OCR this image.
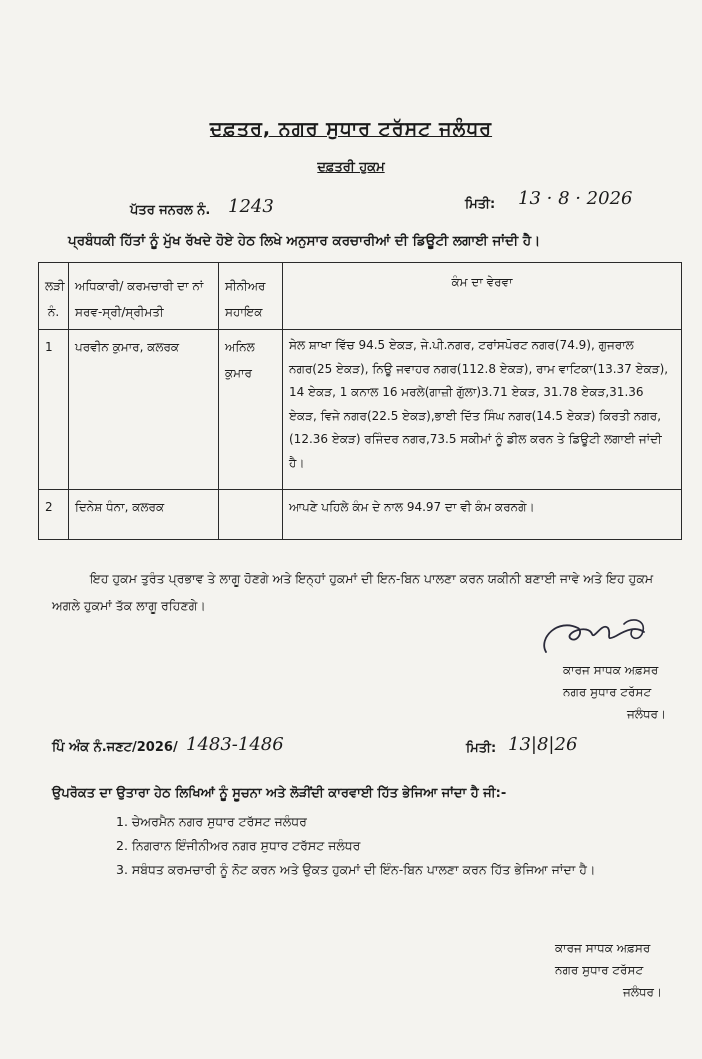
ਦਫ਼ਤਰ, ਨਗਰ ਸੁਧਾਰ ਟਰੱਸਟ ਜਲੰਧਰ
ਦਫ਼ਤਰੀ ਹੁਕਮ
ਪੱਤਰ ਜਨਰਲ ਨੰ. 1243	ਮਿਤੀ: 13 · 8 · 2026
ਪ੍ਰਬੰਧਕੀ ਹਿੱਤਾਂ ਨੂੰ ਮੁੱਖ ਰੱਖਦੇ ਹੋਏ ਹੇਠ ਲਿਖੇ ਅਨੁਸਾਰ ਕਰਚਾਰੀਆਂ ਦੀ ਡਿਊਟੀ ਲਗਾਈ ਜਾਂਦੀ ਹੈ।
ਲੜੀ ਨੰ.	ਅਧਿਕਾਰੀ/ ਕਰਮਚਾਰੀ ਦਾ ਨਾਂ ਸਰਵ-ਸ੍ਰੀ/ਸ੍ਰੀਮਤੀ	ਸੀਨੀਅਰ ਸਹਾਇਕ	ਕੰਮ ਦਾ ਵੇਰਵਾ
1	ਪਰਵੀਨ ਕੁਮਾਰ, ਕਲਰਕ	ਅਨਿਲ ਕੁਮਾਰ	ਸੇਲ ਸ਼ਾਖਾ ਵਿੱਚ 94.5 ਏਕੜ, ਜੇ.ਪੀ.ਨਗਰ, ਟਰਾਂਸਪੋਰਟ ਨਗਰ(74.9), ਗੁਜਰਾਲ ਨਗਰ(25 ਏਕੜ), ਨਿਊ ਜਵਾਹਰ ਨਗਰ(112.8 ਏਕੜ), ਰਾਮ ਵਾਟਿਕਾ(13.37 ਏਕੜ), 14 ਏਕੜ, 1 ਕਨਾਲ 16 ਮਰਲੇ(ਗਾਜ਼ੀ ਗੁੱਲਾ)3.71 ਏਕੜ, 31.78 ਏਕੜ,31.36 ਏਕੜ, ਵਿਜੇ ਨਗਰ(22.5 ਏਕੜ),ਭਾਈ ਦਿੱਤ ਸਿੰਘ ਨਗਰ(14.5 ਏਕੜ) ਕਿਰਤੀ ਨਗਰ, (12.36 ਏਕੜ) ਰਜਿੰਦਰ ਨਗਰ,73.5 ਸਕੀਮਾਂ ਨੂੰ ਡੀਲ ਕਰਨ ਤੇ ਡਿਊਟੀ ਲਗਾਈ ਜਾਂਦੀ ਹੈ।
2	ਦਿਨੇਸ਼ ਧੰਨਾ, ਕਲਰਕ		ਆਪਣੇ ਪਹਿਲੇ ਕੰਮ ਦੇ ਨਾਲ 94.97 ਦਾ ਵੀ ਕੰਮ ਕਰਨਗੇ।
ਇਹ ਹੁਕਮ ਤੁਰੰਤ ਪ੍ਰਭਾਵ ਤੇ ਲਾਗੂ ਹੋਣਗੇ ਅਤੇ ਇਨ੍ਹਾਂ ਹੁਕਮਾਂ ਦੀ ਇਨ-ਬਿਨ ਪਾਲਣਾ ਕਰਨ ਯਕੀਨੀ ਬਣਾਈ ਜਾਵੇ ਅਤੇ ਇਹ ਹੁਕਮ ਅਗਲੇ ਹੁਕਮਾਂ ਤੱਕ ਲਾਗੂ ਰਹਿਣਗੇ।
ਕਾਰਜ ਸਾਧਕ ਅਫ਼ਸਰ
ਨਗਰ ਸੁਧਾਰ ਟਰੱਸਟ
ਜਲੰਧਰ।
ਪਿੰ ਅੰਕ ਨੰ.ਜਣਟ/2026/ 1483-1486	ਮਿਤੀ: 13|8|26
ਉਪਰੋਕਤ ਦਾ ਉਤਾਰਾ ਹੇਠ ਲਿਖਿਆਂ ਨੂੰ ਸੂਚਨਾ ਅਤੇ ਲੋੜੀਂਦੀ ਕਾਰਵਾਈ ਹਿੱਤ ਭੇਜਿਆ ਜਾਂਦਾ ਹੈ ਜੀ:-
1. ਚੇਅਰਮੈਨ ਨਗਰ ਸੁਧਾਰ ਟਰੱਸਟ ਜਲੰਧਰ
2. ਨਿਗਰਾਨ ਇੰਜੀਨੀਅਰ ਨਗਰ ਸੁਧਾਰ ਟਰੱਸਟ ਜਲੰਧਰ
3. ਸਬੰਧਤ ਕਰਮਚਾਰੀ ਨੂੰ ਨੋਟ ਕਰਨ ਅਤੇ ਉਕਤ ਹੁਕਮਾਂ ਦੀ ਇੰਨ-ਬਿਨ ਪਾਲਣਾ ਕਰਨ ਹਿੱਤ ਭੇਜਿਆ ਜਾਂਦਾ ਹੈ।
ਕਾਰਜ ਸਾਧਕ ਅਫ਼ਸਰ
ਨਗਰ ਸੁਧਾਰ ਟਰੱਸਟ
ਜਲੰਧਰ।
